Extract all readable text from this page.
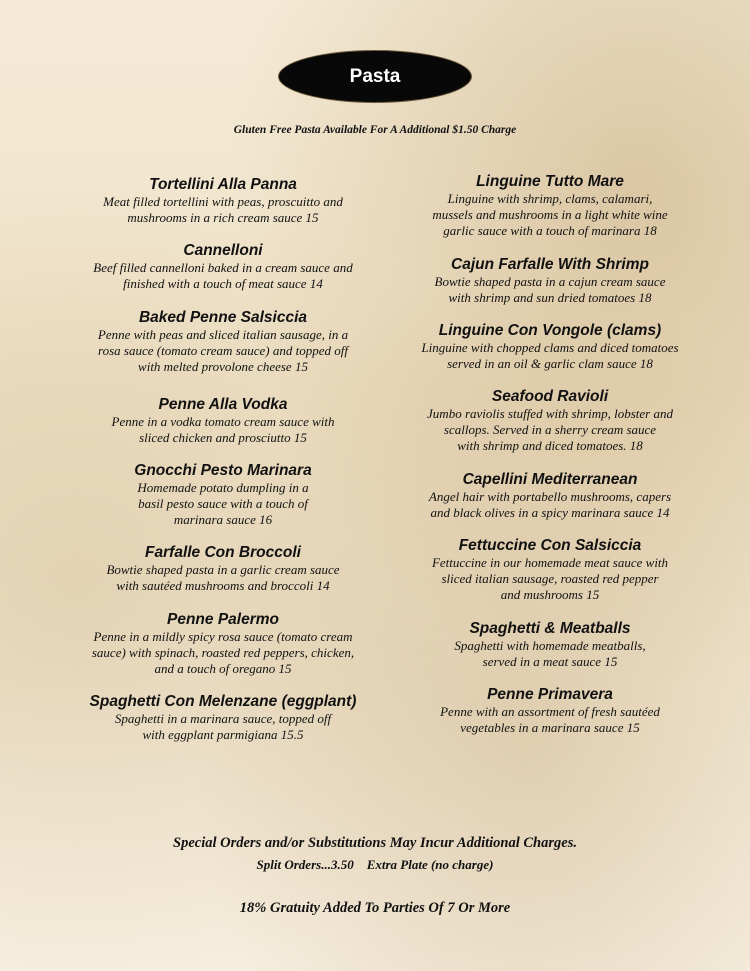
Pasta
Gluten Free Pasta Available For A Additional $1.50 Charge
Tortellini Alla Panna
Meat filled tortellini with peas, proscuitto and
mushrooms in a rich cream sauce 15
Cannelloni
Beef filled cannelloni baked in a cream sauce and
finished with a touch of meat sauce 14
Baked Penne Salsiccia
Penne with peas and sliced italian sausage, in a
rosa sauce (tomato cream sauce) and topped off
with melted provolone cheese 15
Penne Alla Vodka
Penne in a vodka tomato cream sauce with
sliced chicken and prosciutto 15
Gnocchi Pesto Marinara
Homemade potato dumpling in a
basil pesto sauce with a touch of
marinara sauce 16
Farfalle Con Broccoli
Bowtie shaped pasta in a garlic cream sauce
with sautéed mushrooms and broccoli 14
Penne Palermo
Penne in a mildly spicy rosa sauce (tomato cream
sauce) with spinach, roasted red peppers, chicken,
and a touch of oregano 15
Spaghetti Con Melenzane (eggplant)
Spaghetti in a marinara sauce, topped off
with eggplant parmigiana 15.5
Linguine Tutto Mare
Linguine with shrimp, clams, calamari,
mussels and mushrooms in a light white wine
garlic sauce with a touch of marinara 18
Cajun Farfalle With Shrimp
Bowtie shaped pasta in a cajun cream sauce
with shrimp and sun dried tomatoes 18
Linguine Con Vongole (clams)
Linguine with chopped clams and diced tomatoes
served in an oil & garlic clam sauce 18
Seafood Ravioli
Jumbo raviolis stuffed with shrimp, lobster and
scallops. Served in a sherry cream sauce
with shrimp and diced tomatoes. 18
Capellini Mediterranean
Angel hair with portabello mushrooms, capers
and black olives in a spicy marinara sauce 14
Fettuccine Con Salsiccia
Fettuccine in our homemade meat sauce with
sliced italian sausage, roasted red pepper
and mushrooms 15
Spaghetti & Meatballs
Spaghetti with homemade meatballs,
served in a meat sauce 15
Penne Primavera
Penne with an assortment of fresh sautéed
vegetables in a marinara sauce 15
Special Orders and/or Substitutions May Incur Additional Charges.
Split Orders...3.50    Extra Plate (no charge)
18% Gratuity Added To Parties Of 7 Or More
